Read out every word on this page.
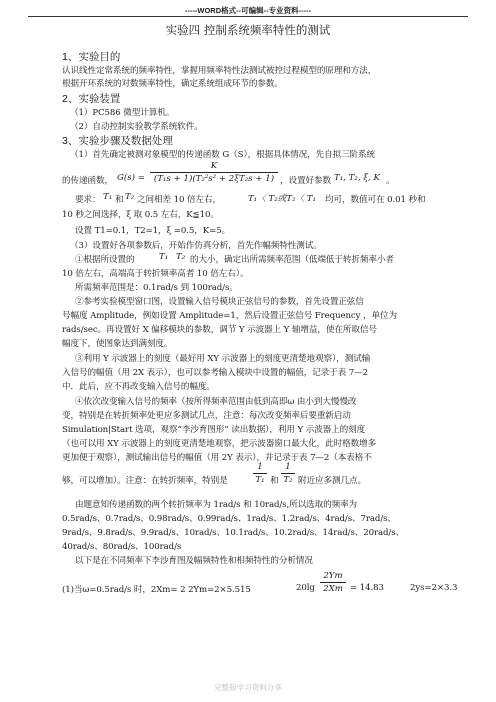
-----WORD格式--可编辑--专业资料-----
实验四 控制系统频率特性的测试
1、实验目的
认识线性定常系统的频率特性，掌握用频率特性法测试被控过程模型的原理和方法，
根据开环系统的对数频率特性，确定系统组成环节的参数。
2、实验装置
（1）PC586 微型计算机。
（2）自动控制实验教学系统软件。
3、实验步骤及数据处理
（1）首先确定被测对象模型的传递函数 G（S），根据具体情况，先自拟三阶系统
的传递函数， G(s) =
K
(T₁s + 1)(T₂²s² + 2ξT₂s + 1) ，设置好参数 T₁, T₂, ξ, K 。
要求： T₁ 和 T₂ 之间相差 10 倍左右，	T₁〈 T₂或T₂〈 T₁ 均可，数值可在 0.01 秒和
10 秒之间选择，ξ 取 0.5 左右，K≦10。
设置 T1=0.1，T2=1，ξ =0.5，K=5。
（3）设置好各项参数后，开始作仿真分析，首先作幅频特性测试。
①根据所设置的	T₁ T₂ 的大小，确定出所需频率范围（低端低于转折频率小者
10 倍左右，高端高于转折频率高者 10 倍左右）。
所需频率范围是：0.1rad/s 到 100rad/s。
②参考实验模型窗口图，设置输入信号模块正弦信号的参数，首先设置正弦信
号幅度 Amplitude，例如设置 Amplitude=1，然后设置正弦信号 Frequency ，单位为
rads/sec。再设置好 X 偏移模块的参数，调节 Y 示波器上 Y 轴增益，使在所取信号
幅度下，使图象达到满刻度。
③利用 Y 示波器上的刻度（最好用 XY 示波器上的刻度更清楚地观察），测试输
入信号的幅值（用 2X 表示），也可以参考输入模块中设置的幅值，记录于表 7—2
中．此后，应不再改变输入信号的幅度。
④依次改变输入信号的频率（按所得频率范围由低到高即ω 由小到大慢慢改
变，特别是在转折频率处更应多测试几点，注意：每次改变频率后要重新启动
Simulation|Start 选项，观察“李沙育图形” 读出数据），利用 Y 示波器上的刻度
（也可以用 XY 示波器上的刻度更清楚地观察，把示波器窗口最大化，此时格数增多
更加便于观察），测试输出信号的幅值（用 2Y 表示），并记录于表 7—2（本表格不
够，可以增加）。注意：在转折频率，特别是
1
T₁ 和
1
T₂ 附近应多测几点。
由题意知传递函数的两个转折频率为 1rad/s 和 10rad/s,所以选取的频率为
0.5rad/s、0.7rad/s、0.98rad/s、0.99rad/s、1rad/s、1.2rad/s、4rad/s、7rad/s、
9rad/s、9.8rad/s、9.9rad/s、10rad/s、10.1rad/s、10.2rad/s、14rad/s、20rad/s、
40rad/s、80rad/s、100rad/s
以下是在不同频率下李沙育图及幅频特性和相频特性的分析情况
(1)当ω=0.5rad/s 时，2Xm= 2 2Ym=2×5.515	20lg
2Ym
2Xm = 14.83	2ys=2×3.3
完整版学习资料分享
